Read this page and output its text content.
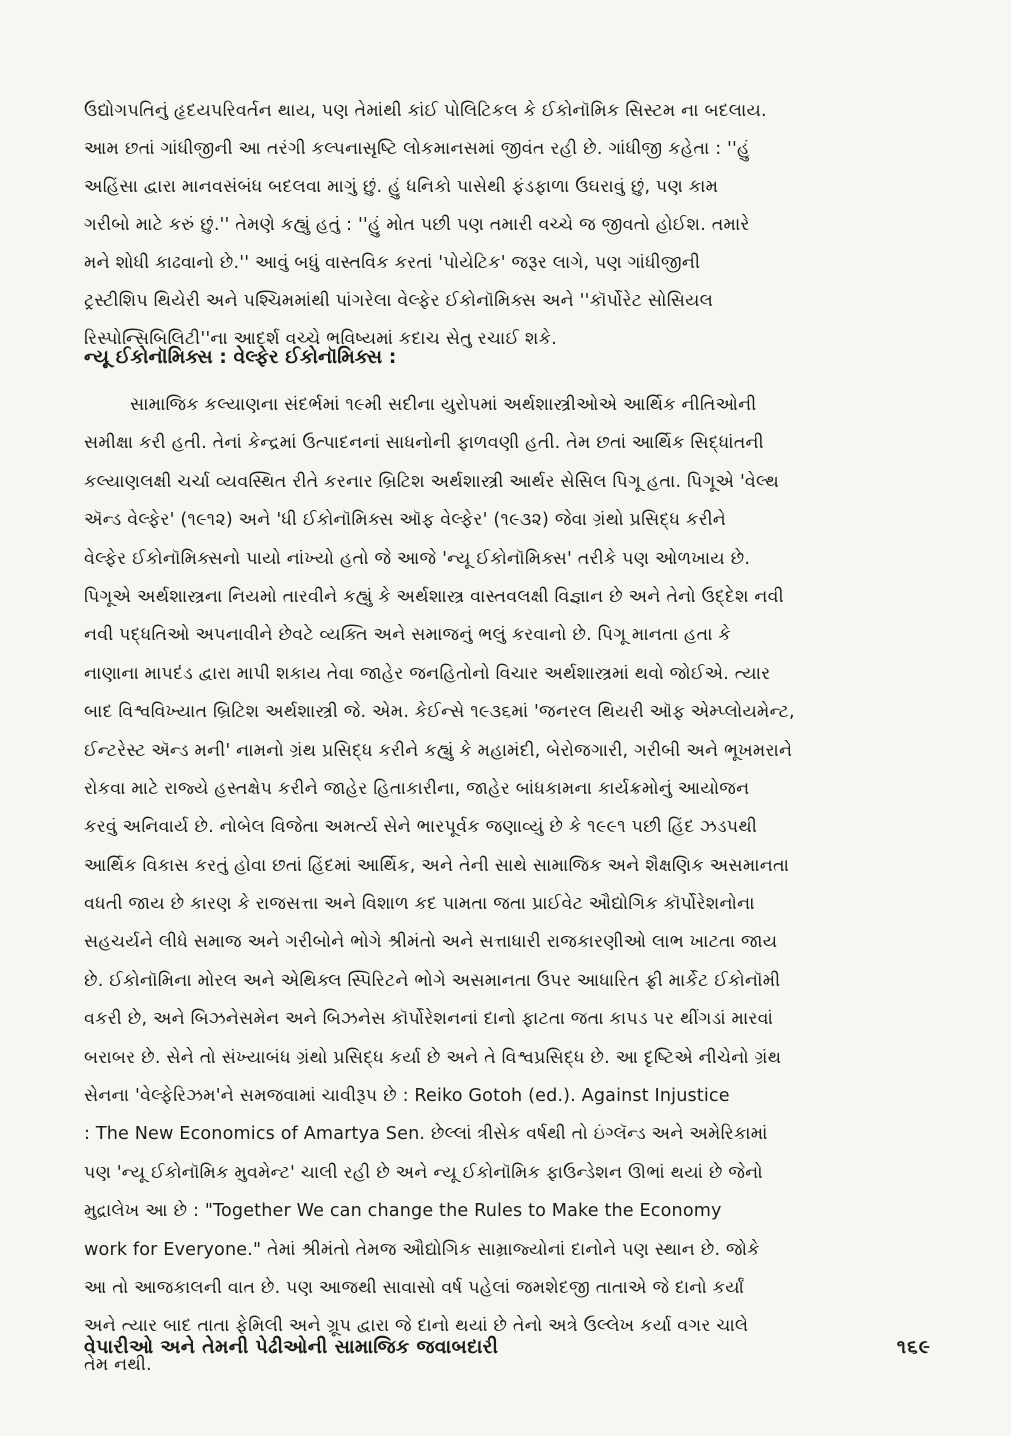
ઉદ્યોગપતિનું હૃદયપરિવર્તન થાય, પણ તેમાંથી કાંઈ પોલિટિકલ કે ઈકોનૉમિક સિસ્ટમ ના બદલાય.
આમ છતાં ગાંધીજીની આ તરંગી કલ્પનાસૃષ્ટિ લોકમાનસમાં જીવંત રહી છે. ગાંધીજી કહેતા : ''હું
અહિંસા દ્વારા માનવસંબંધ બદલવા માગું છું. હું ધનિકો પાસેથી ફંડફાળા ઉઘરાવું છું, પણ કામ
ગરીબો માટે કરું છું.'' તેમણે કહ્યું હતું : ''હું મોત પછી પણ તમારી વચ્ચે જ જીવતો હોઈશ. તમારે
મને શોધી કાઢવાનો છે.'' આવું બધું વાસ્તવિક કરતાં 'પોયેટિક' જરૂર લાગે, પણ ગાંધીજીની
ટ્રસ્ટીશિપ થિયેરી અને પશ્ચિમમાંથી પાંગરેલા વેલ્ફેર ઈકોનૉમિક્સ અને ''કૉર્પોરેટ સોસિયલ
રિસ્પોન્સિબિલિટી''ના આદર્શ વચ્ચે ભવિષ્યમાં કદાચ સેતુ રચાઈ શકે.
ન્યૂ ઈકોનૉમિક્સ : વેલ્ફેર ઈકોનૉમિક્સ :
સામાજિક કલ્યાણના સંદર્ભમાં ૧૯મી સદીના યુરોપમાં અર્થશાસ્ત્રીઓએ આર્થિક નીતિઓની
સમીક્ષા કરી હતી. તેનાં કેન્દ્રમાં ઉત્પાદનનાં સાધનોની ફાળવણી હતી. તેમ છતાં આર્થિક સિદ્ધાંતની
કલ્યાણલક્ષી ચર્ચા વ્યવસ્થિત રીતે કરનાર બ્રિટિશ અર્થશાસ્ત્રી આર્થર સેસિલ પિગૂ હતા. પિગૂએ 'વેલ્થ
ઍન્ડ વેલ્ફેર' (૧૯૧૨) અને 'ધી ઈકોનૉમિક્સ ઑફ વેલ્ફેર' (૧૯૩૨) જેવા ગ્રંથો પ્રસિદ્ધ કરીને
વેલ્ફેર ઈકોનૉમિક્સનો પાયો નાંખ્યો હતો જે આજે 'ન્યૂ ઈકોનૉમિક્સ' તરીકે પણ ઓળખાય છે.
પિગૂએ અર્થશાસ્ત્રના નિયમો તારવીને કહ્યું કે અર્થશાસ્ત્ર વાસ્તવલક્ષી વિજ્ઞાન છે અને તેનો ઉદ્દેશ નવી
નવી પદ્ધતિઓ અપનાવીને છેવટે વ્યક્તિ અને સમાજનું ભલું કરવાનો છે. પિગૂ માનતા હતા કે
નાણાના માપદંડ દ્વારા માપી શકાય તેવા જાહેર જનહિતોનો વિચાર અર્થશાસ્ત્રમાં થવો જોઈએ. ત્યાર
બાદ વિશ્વવિખ્યાત બ્રિટિશ અર્થશાસ્ત્રી જે. એમ. કેઈન્સે ૧૯૩૬માં 'જનરલ થિયરી ઑફ એમ્પ્લોયમેન્ટ,
ઈન્ટરેસ્ટ ઍન્ડ મની' નામનો ગ્રંથ પ્રસિદ્ધ કરીને કહ્યું કે મહામંદી, બેરોજગારી, ગરીબી અને ભૂખમરાને
રોકવા માટે રાજ્યે હસ્તક્ષેપ કરીને જાહેર હિતાકારીના, જાહેર બાંધકામના કાર્યક્રમોનું આયોજન
કરવું અનિવાર્ય છે. નોબેલ વિજેતા અમર્ત્ય સેને ભારપૂર્વક જણાવ્યું છે કે ૧૯૯૧ પછી હિંદ ઝડપથી
આર્થિક વિકાસ કરતું હોવા છતાં હિંદમાં આર્થિક, અને તેની સાથે સામાજિક અને શૈક્ષણિક અસમાનતા
વધતી જાય છે કારણ કે રાજસત્તા અને વિશાળ કદ પામતા જતા પ્રાઈવેટ ઔદ્યોગિક કૉર્પોરેશનોના
સહચર્યને લીધે સમાજ અને ગરીબોને ભોગે શ્રીમંતો અને સત્તાધારી રાજકારણીઓ લાભ ખાટતા જાય
છે. ઈકોનૉમિના મોરલ અને એથિક્લ સ્પિરિટને ભોગે અસમાનતા ઉપર આધારિત ફ્રી માર્કેટ ઈકોનૉમી
વકરી છે, અને બિઝનેસમેન અને બિઝનેસ કૉર્પોરેશનનાં દાનો ફાટતા જતા કાપડ પર થીંગડાં મારવાં
બરાબર છે. સેને તો સંખ્યાબંધ ગ્રંથો પ્રસિદ્ધ કર્યા છે અને તે વિશ્વપ્રસિદ્ધ છે. આ દૃષ્ટિએ નીચેનો ગ્રંથ
સેનના 'વેલ્ફેરિઝમ'ને સમજવામાં ચાવીરૂપ છે : Reiko Gotoh (ed.). Against Injustice
: The New Economics of Amartya Sen. છેલ્લાં ત્રીસેક વર્ષથી તો ઇંગ્લૅન્ડ અને અમેરિકામાં
પણ 'ન્યૂ ઈકોનૉમિક મુવમેન્ટ' ચાલી રહી છે અને ન્યૂ ઈકોનૉમિક ફાઉન્ડેશન ઊભાં થયાં છે જેનો
મુદ્રાલેખ આ છે : "Together We can change the Rules to Make the Economy
work for Everyone." તેમાં શ્રીમંતો તેમજ ઔદ્યોગિક સામ્રાજ્યોનાં દાનોને પણ સ્થાન છે. જોકે
આ તો આજકાલની વાત છે. પણ આજથી સાવાસો વર્ષ પહેલાં જમશેદજી તાતાએ જે દાનો કર્યાં
અને ત્યાર બાદ તાતા ફેમિલી અને ગ્રૂપ દ્વારા જે દાનો થયાં છે તેનો અત્રે ઉલ્લેખ કર્યા વગર ચાલે
તેમ નથી.
વેપારીઓ અને તેમની પેઢીઓની સામાજિક જવાબદારી	૧૬૯
